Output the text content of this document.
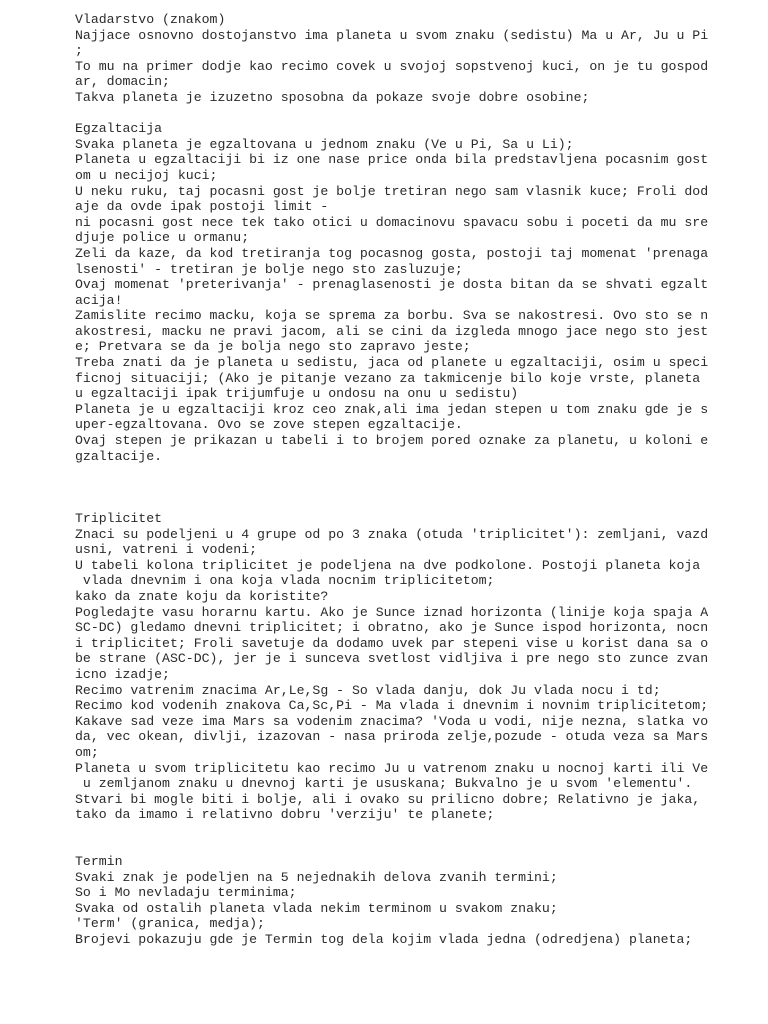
Vladarstvo (znakom)
Najjace osnovno dostojanstvo ima planeta u svom znaku (sedistu) Ma u Ar, Ju u Pi
;
To mu na primer dodje kao recimo covek u svojoj sopstvenoj kuci, on je tu gospod
ar, domacin;
Takva planeta je izuzetno sposobna da pokaze svoje dobre osobine;
Egzaltacija
Svaka planeta je egzaltovana u jednom znaku (Ve u Pi, Sa u Li);
Planeta u egzaltaciji bi iz one nase price onda bila predstavljena pocasnim gost
om u necijoj kuci;
U neku ruku, taj pocasni gost je bolje tretiran nego sam vlasnik kuce; Froli dod
aje da ovde ipak postoji limit -
ni pocasni gost nece tek tako otici u domacinovu spavacu sobu i poceti da mu sre
djuje police u ormanu;
Zeli da kaze, da kod tretiranja tog pocasnog gosta, postoji taj momenat 'prenaga
lsenosti' - tretiran je bolje nego sto zasluzuje;
Ovaj momenat 'preterivanja' - prenaglasenosti je dosta bitan da se shvati egzalt
acija!
Zamislite recimo macku, koja se sprema za borbu. Sva se nakostresi. Ovo sto se n
akostresi, macku ne pravi jacom, ali se cini da izgleda mnogo jace nego sto jest
e; Pretvara se da je bolja nego sto zapravo jeste;
Treba znati da je planeta u sedistu, jaca od planete u egzaltaciji, osim u speci
ficnoj situaciji; (Ako je pitanje vezano za takmicenje bilo koje vrste, planeta
u egzaltaciji ipak trijumfuje u ondosu na onu u sedistu)
Planeta je u egzaltaciji kroz ceo znak,ali ima jedan stepen u tom znaku gde je s
uper-egzaltovana. Ovo se zove stepen egzaltacije.
Ovaj stepen je prikazan u tabeli i to brojem pored oznake za planetu, u koloni e
gzaltacije.
Triplicitet
Znaci su podeljeni u 4 grupe od po 3 znaka (otuda 'triplicitet'): zemljani, vazd
usni, vatreni i vodeni;
U tabeli kolona triplicitet je podeljena na dve podkolone. Postoji planeta koja
vlada dnevnim i ona koja vlada nocnim triplicitetom;
kako da znate koju da koristite?
Pogledajte vasu horarnu kartu. Ako je Sunce iznad horizonta (linije koja spaja A
SC-DC) gledamo dnevni triplicitet; i obratno, ako je Sunce ispod horizonta, nocn
i triplicitet; Froli savetuje da dodamo uvek par stepeni vise u korist dana sa o
be strane (ASC-DC), jer je i sunceva svetlost vidljiva i pre nego sto zunce zvan
icno izadje;
Recimo vatrenim znacima Ar,Le,Sg - So vlada danju, dok Ju vlada nocu i td;
Recimo kod vodenih znakova Ca,Sc,Pi - Ma vlada i dnevnim i novnim triplicitetom;
Kakave sad veze ima Mars sa vodenim znacima? 'Voda u vodi, nije nezna, slatka vo
da, vec okean, divlji, izazovan - nasa priroda zelje,pozude - otuda veza sa Mars
om;
Planeta u svom triplicitetu kao recimo Ju u vatrenom znaku u nocnoj karti ili Ve
u zemljanom znaku u dnevnoj karti je ususkana; Bukvalno je u svom 'elementu'.
Stvari bi mogle biti i bolje, ali i ovako su prilicno dobre; Relativno je jaka,
tako da imamo i relativno dobru 'verziju' te planete;
Termin
Svaki znak je podeljen na 5 nejednakih delova zvanih termini;
So i Mo nevladaju terminima;
Svaka od ostalih planeta vlada nekim terminom u svakom znaku;
'Term' (granica, medja);
Brojevi pokazuju gde je Termin tog dela kojim vlada jedna (odredjena) planeta;
